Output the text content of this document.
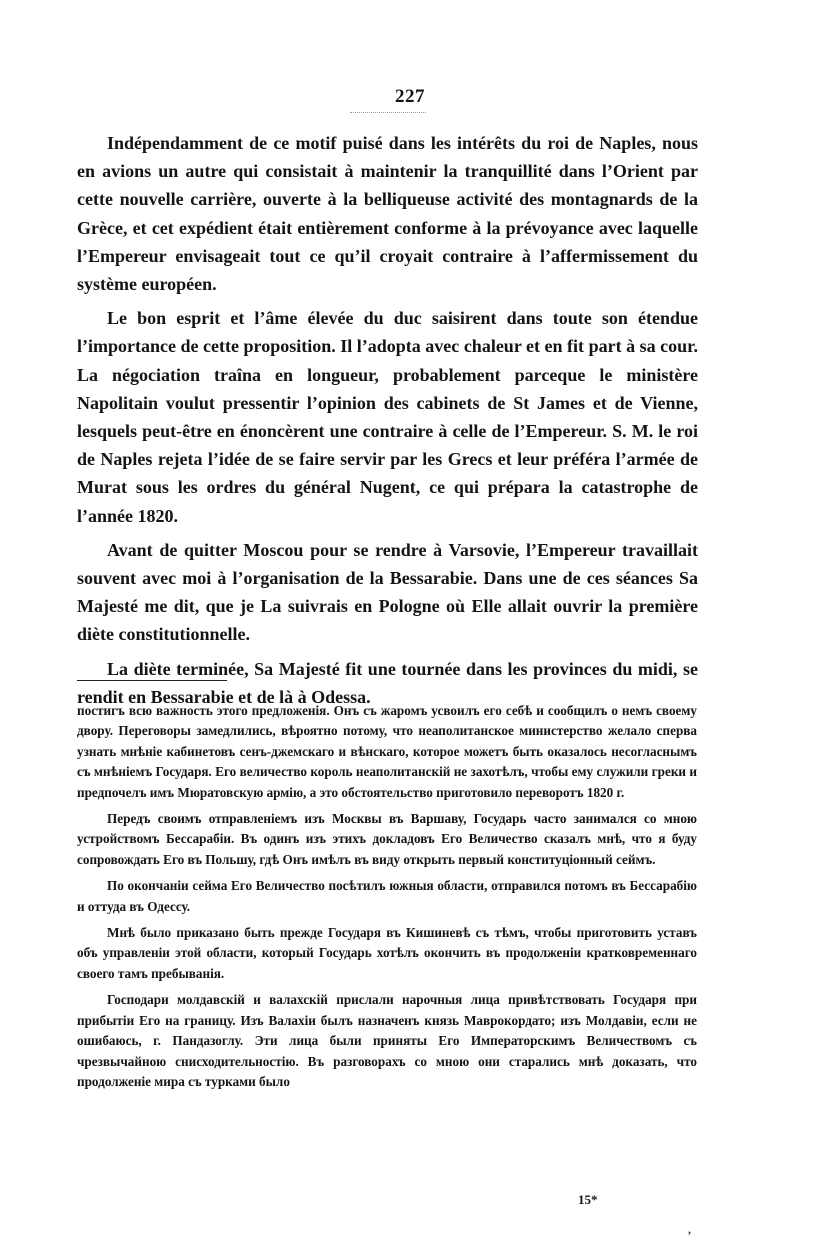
227

Indépendamment de ce motif puisé dans les intérêts du roi de Naples, nous en avions un autre qui consistait à maintenir la tranquillité dans l’Orient par cette nouvelle carrière, ouverte à la belliqueuse activité des montagnards de la Grèce, et cet expédient était entièrement conforme à la prévoyance avec laquelle l’Empereur envisageait tout ce qu’il croyait contraire à l’affermissement du système européen.

Le bon esprit et l’âme élevée du duc saisirent dans toute son étendue l’importance de cette proposition. Il l’adopta avec chaleur et en fit part à sa cour. La négociation traîna en longueur, probablement parceque le ministère Napolitain voulut pressentir l’opinion des cabinets de St James et de Vienne, lesquels peut-être en énoncèrent une contraire à celle de l’Empereur. S. M. le roi de Naples rejeta l’idée de se faire servir par les Grecs et leur préféra l’armée de Murat sous les ordres du général Nugent, ce qui prépara la catastrophe de l’année 1820.

Avant de quitter Moscou pour se rendre à Varsovie, l’Empereur travaillait souvent avec moi à l’organisation de la Bessarabie. Dans une de ces séances Sa Majesté me dit, que je La suivrais en Pologne où Elle allait ouvrir la première diète constitutionnelle.

La diète terminée, Sa Majesté fit une tournée dans les provinces du midi, se rendit en Bessarabie et de là à Odessa.

постигъ всю важность этого предложенія. Онъ съ жаромъ усвоилъ его себѣ и сообщилъ о немъ своему двору. Переговоры замедлились, вѣроятно потому, что неаполитанское министерство желало сперва узнать мнѣніе кабинетовъ сенъ-джемскаго и вѣнскаго, которое можетъ быть оказалось несогласнымъ съ мнѣніемъ Государя. Его величество король неаполитанскій не захотѣлъ, чтобы ему служили греки и предпочелъ имъ Мюратовскую армію, а это обстоятельство приготовило переворотъ 1820 г.

Передъ своимъ отправленіемъ изъ Москвы въ Варшаву, Государь часто занимался со мною устройствомъ Бессарабіи. Въ одинъ изъ этихъ докладовъ Его Величество сказалъ мнѣ, что я буду сопровождать Его въ Польшу, гдѣ Онъ имѣлъ въ виду открыть первый конституціонный сеймъ.

По окончаніи сейма Его Величество посѣтилъ южныя области, отправился потомъ въ Бессарабію и оттуда въ Одессу.

Мнѣ было приказано быть прежде Государя въ Кишиневѣ съ тѣмъ, чтобы приготовить уставъ объ управленіи этой области, который Государь хотѣлъ окончить въ продолженіи кратковременнаго своего тамъ пребыванія.

Господари молдавскій и валахскій прислали нарочныя лица привѣтствовать Государя при прибытіи Его на границу. Изъ Валахіи былъ назначенъ князь Маврокордато; изъ Молдавіи, если не ошибаюсь, г. Пандазоглу. Эти лица были приняты Его Императорскимъ Величествомъ съ чрезвычайною снисходительностію. Въ разговорахъ со мною они старались мнѣ доказать, что продолженіе мира съ турками было

15*
,
